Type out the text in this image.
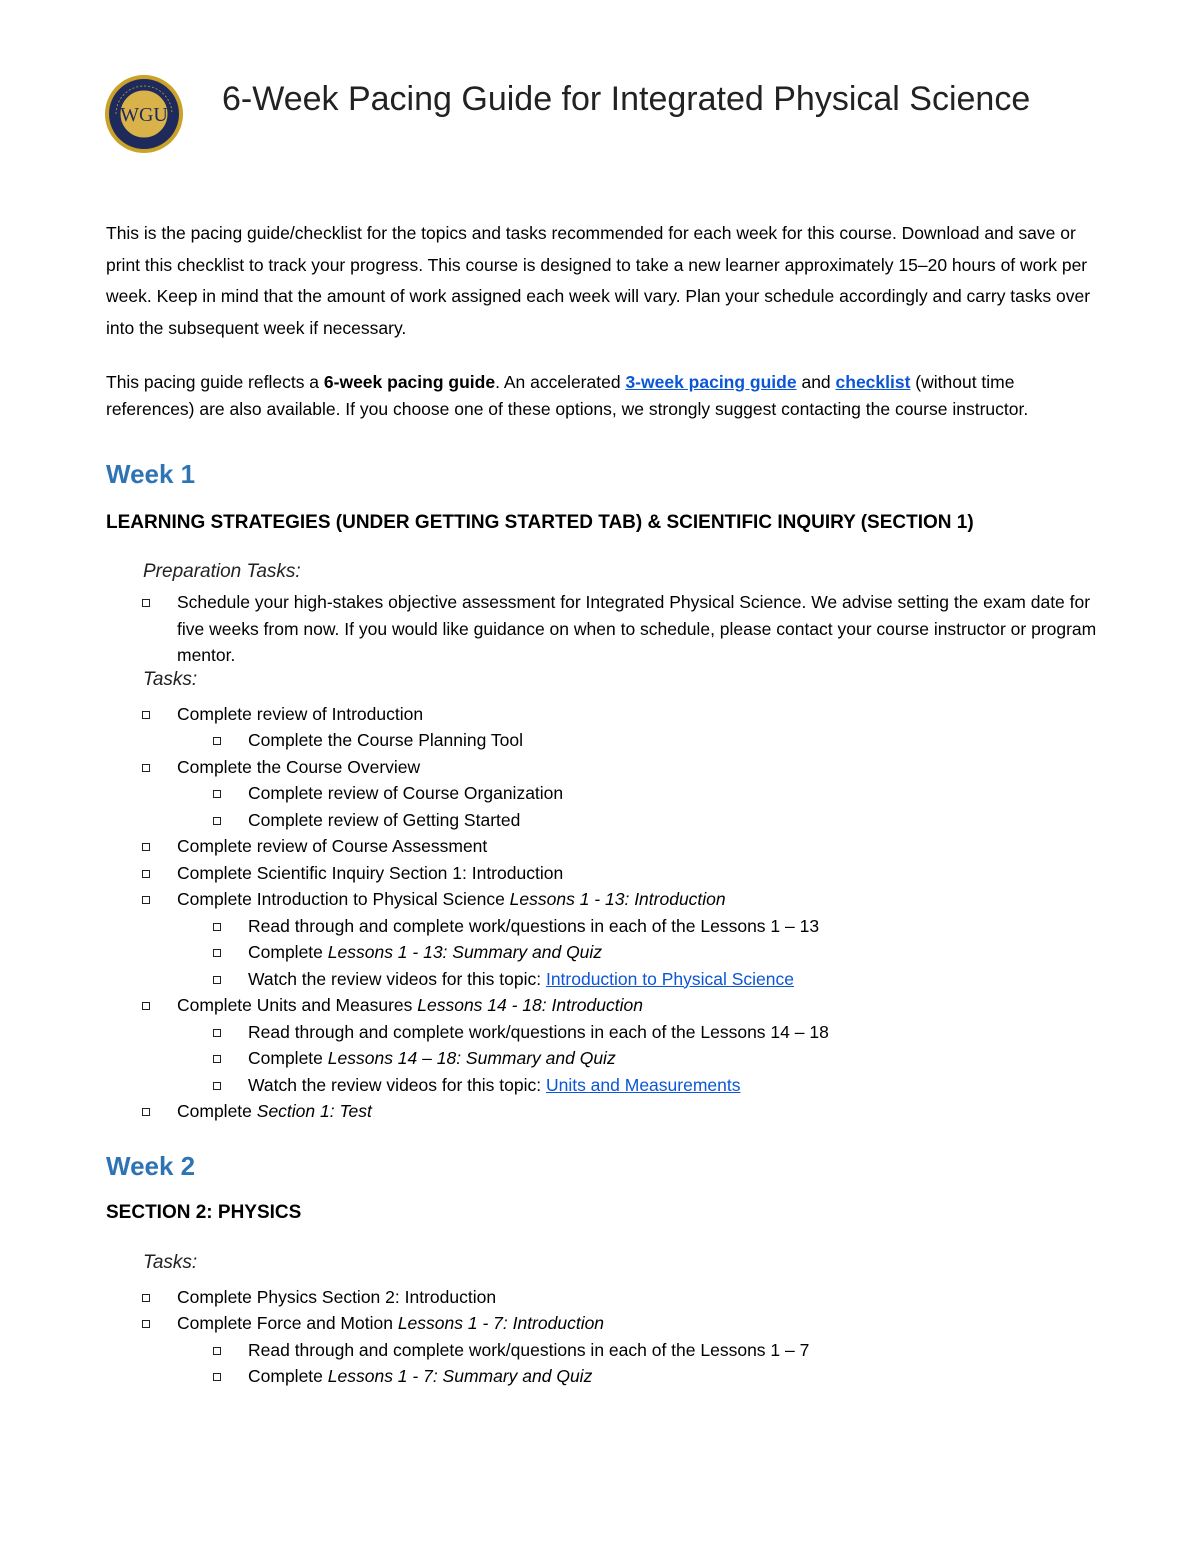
WGU 6-Week Pacing Guide for Integrated Physical Science

This is the pacing guide/checklist for the topics and tasks recommended for each week for this course. Download and save or print this checklist to track your progress. This course is designed to take a new learner approximately 15–20 hours of work per week. Keep in mind that the amount of work assigned each week will vary. Plan your schedule accordingly and carry tasks over into the subsequent week if necessary.

This pacing guide reflects a 6-week pacing guide. An accelerated 3-week pacing guide and checklist (without time references) are also available. If you choose one of these options, we strongly suggest contacting the course instructor.

Week 1
LEARNING STRATEGIES (UNDER GETTING STARTED TAB) & SCIENTIFIC INQUIRY (SECTION 1)
Preparation Tasks:
Schedule your high-stakes objective assessment for Integrated Physical Science. We advise setting the exam date for five weeks from now. If you would like guidance on when to schedule, please contact your course instructor or program mentor.
Tasks:
Complete review of Introduction
Complete the Course Planning Tool
Complete the Course Overview
Complete review of Course Organization
Complete review of Getting Started
Complete review of Course Assessment
Complete Scientific Inquiry Section 1: Introduction
Complete Introduction to Physical Science Lessons 1 - 13: Introduction
Read through and complete work/questions in each of the Lessons 1 – 13
Complete Lessons 1 - 13: Summary and Quiz
Watch the review videos for this topic: Introduction to Physical Science
Complete Units and Measures Lessons 14 - 18: Introduction
Read through and complete work/questions in each of the Lessons 14 – 18
Complete Lessons 14 – 18: Summary and Quiz
Watch the review videos for this topic: Units and Measurements
Complete Section 1: Test
Week 2
SECTION 2: PHYSICS
Tasks:
Complete Physics Section 2: Introduction
Complete Force and Motion Lessons 1 - 7: Introduction
Read through and complete work/questions in each of the Lessons 1 – 7
Complete Lessons 1 - 7: Summary and Quiz
